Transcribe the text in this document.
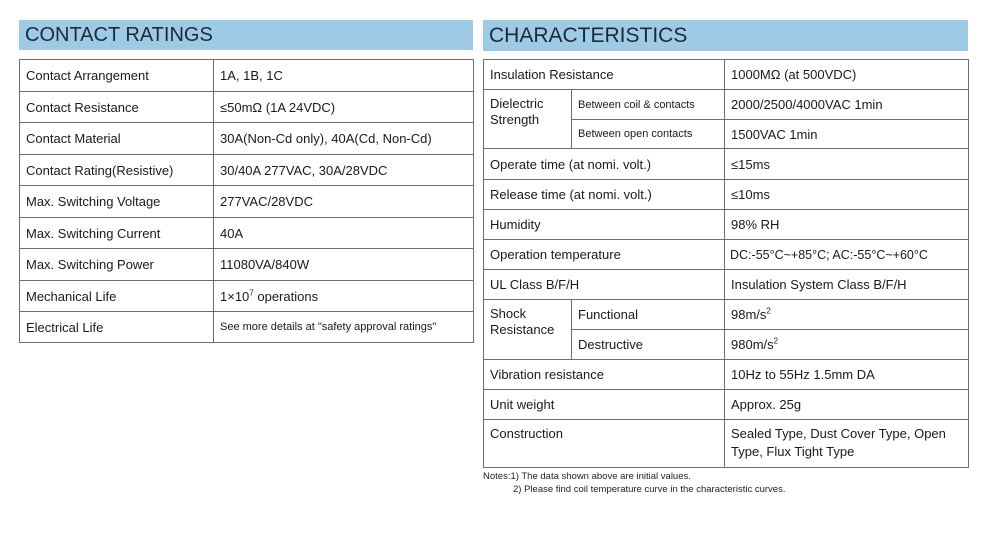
CONTACT RATINGS
Contact Arrangement	1A, 1B, 1C
Contact Resistance	≤50mΩ (1A 24VDC)
Contact Material	30A(Non-Cd only), 40A(Cd, Non-Cd)
Contact Rating(Resistive)	30/40A 277VAC, 30A/28VDC
Max. Switching Voltage	277VAC/28VDC
Max. Switching Current	40A
Max. Switching Power	11080VA/840W
Mechanical Life	$1\times 10^7$ operations
Electrical Life	See more details at "safety approval ratings"
CHARACTERISTICS
Insulation Resistance		1000MΩ (at 500VDC)
Dielectric Strength	Between coil & contacts	2000/2500/4000VAC 1min
	Between open contacts	1500VAC 1min
Operate time (at nomi. volt.)		≤15ms
Release time (at nomi. volt.)		≤10ms
Humidity		98% RH
Operation temperature		DC:-55°C~+85°C; AC:-55°C~+60°C
UL Class B/F/H		Insulation System Class B/F/H
Shock Resistance	Functional	$98m/s^2$
	Destructive	$980m/s^2$
Vibration resistance		10Hz to 55Hz 1.5mm DA
Unit weight		Approx. 25g
Construction		Sealed Type, Dust Cover Type, Open Type, Flux Tight Type
Notes:1) The data shown above are initial values.
2) Please find coil temperature curve in the characteristic curves.
